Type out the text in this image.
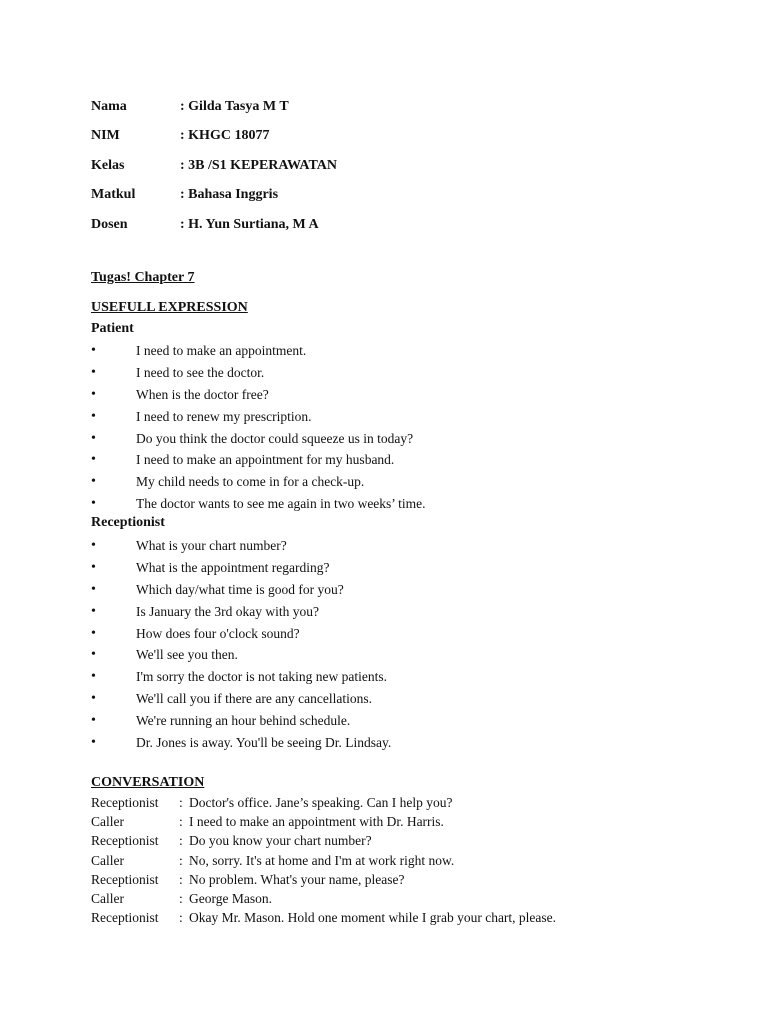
Nama	: Gilda Tasya M T
NIM	: KHGC 18077
Kelas	: 3B /S1 KEPERAWATAN
Matkul	: Bahasa Inggris
Dosen	: H. Yun Surtiana, M A
Tugas! Chapter 7
USEFULL EXPRESSION
Patient
•	I need to make an appointment.
•	I need to see the doctor.
•	When is the doctor free?
•	I need to renew my prescription.
•	Do you think the doctor could squeeze us in today?
•	I need to make an appointment for my husband.
•	My child needs to come in for a check-up.
•	The doctor wants to see me again in two weeks’ time.
Receptionist
•	What is your chart number?
•	What is the appointment regarding?
•	Which day/what time is good for you?
•	Is January the 3rd okay with you?
•	How does four o'clock sound?
•	We'll see you then.
•	I'm sorry the doctor is not taking new patients.
•	We'll call you if there are any cancellations.
•	We're running an hour behind schedule.
•	Dr. Jones is away. You'll be seeing Dr. Lindsay.
CONVERSATION
Receptionist	: Doctor's office. Jane’s speaking. Can I help you?
Caller	: I need to make an appointment with Dr. Harris.
Receptionist	: Do you know your chart number?
Caller	: No, sorry. It's at home and I'm at work right now.
Receptionist	: No problem. What's your name, please?
Caller	: George Mason.
Receptionist	: Okay Mr. Mason. Hold one moment while I grab your chart, please.
